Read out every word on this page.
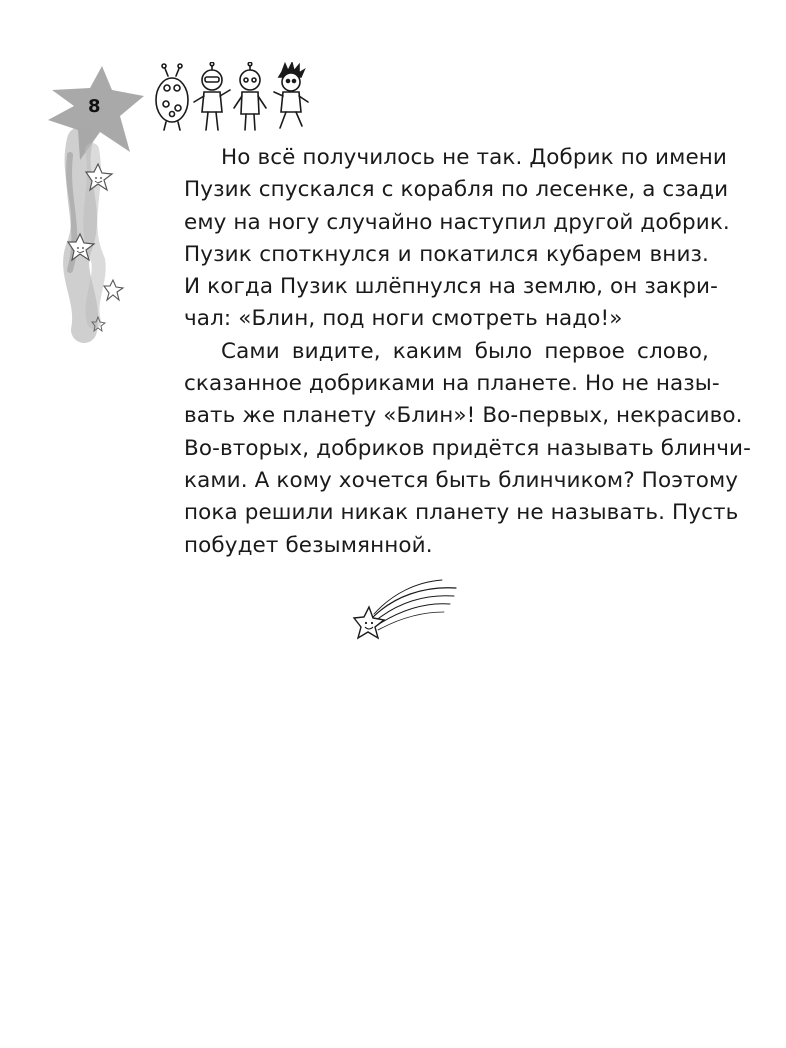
8
Но всё получилось не так. Добрик по имени
Пузик спускался с корабля по лесенке, а сзади
ему на ногу случайно наступил другой добрик.
Пузик споткнулся и покатился кубарем вниз.
И когда Пузик шлёпнулся на землю, он закри-
чал: «Блин, под ноги смотреть надо!»
Сами видите, каким было первое слово,
сказанное добриками на планете. Но не назы-
вать же планету «Блин»! Во-первых, некрасиво.
Во-вторых, добриков придётся называть блинчи-
ками. А кому хочется быть блинчиком? Поэтому
пока решили никак планету не называть. Пусть
побудет безымянной.
